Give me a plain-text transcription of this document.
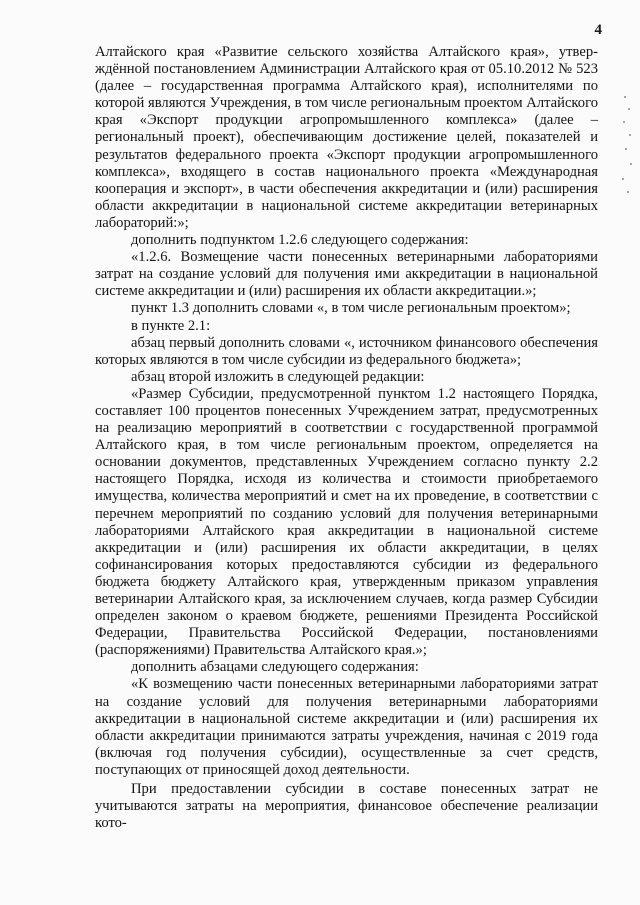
4

Алтайского края «Развитие сельского хозяйства Алтайского края», утвер-ждённой постановлением Администрации Алтайского края от 05.10.2012 № 523 (далее – государственная программа Алтайского края), исполнителями по которой являются Учреждения, в том числе региональным проектом Алтайского края «Экспорт продукции агропромышленного комплекса» (далее – региональный проект), обеспечивающим достижение целей, показателей и результатов федерального проекта «Экспорт продукции агропромышленного комплекса», входящего в состав национального проекта «Международная кооперация и экспорт», в части обеспечения аккредитации и (или) расширения области аккредитации в национальной системе аккредитации ветеринарных лабораторий:»;

дополнить подпунктом 1.2.6 следующего содержания:

«1.2.6. Возмещение части понесенных ветеринарными лабораториями затрат на создание условий для получения ими аккредитации в национальной системе аккредитации и (или) расширения их области аккредитации.»;

пункт 1.3 дополнить словами «, в том числе региональным проектом»;

в пункте 2.1:

абзац первый дополнить словами «, источником финансового обеспечения которых являются в том числе субсидии из федерального бюджета»;

абзац второй изложить в следующей редакции:

«Размер Субсидии, предусмотренной пунктом 1.2 настоящего Порядка, составляет 100 процентов понесенных Учреждением затрат, предусмотренных на реализацию мероприятий в соответствии с государственной программой Алтайского края, в том числе региональным проектом, определяется на основании документов, представленных Учреждением согласно пункту 2.2 настоящего Порядка, исходя из количества и стоимости приобретаемого имущества, количества мероприятий и смет на их проведение, в соответствии с перечнем мероприятий по созданию условий для получения ветеринарными лабораториями Алтайского края аккредитации в национальной системе аккредитации и (или) расширения их области аккредитации, в целях софинансирования которых предоставляются субсидии из федерального бюджета бюджету Алтайского края, утвержденным приказом управления ветеринарии Алтайского края, за исключением случаев, когда размер Субсидии определен законом о краевом бюджете, решениями Президента Российской Федерации, Правительства Российской Федерации, постановлениями (распоряжениями) Правительства Алтайского края.»;

дополнить абзацами следующего содержания:

«К возмещению части понесенных ветеринарными лабораториями затрат на создание условий для получения ветеринарными лабораториями аккредитации в национальной системе аккредитации и (или) расширения их области аккредитации принимаются затраты учреждения, начиная с 2019 года (включая год получения субсидии), осуществленные за счет средств, поступающих от приносящей доход деятельности.

При предоставлении субсидии в составе понесенных затрат не учитываются затраты на мероприятия, финансовое обеспечение реализации кото-
